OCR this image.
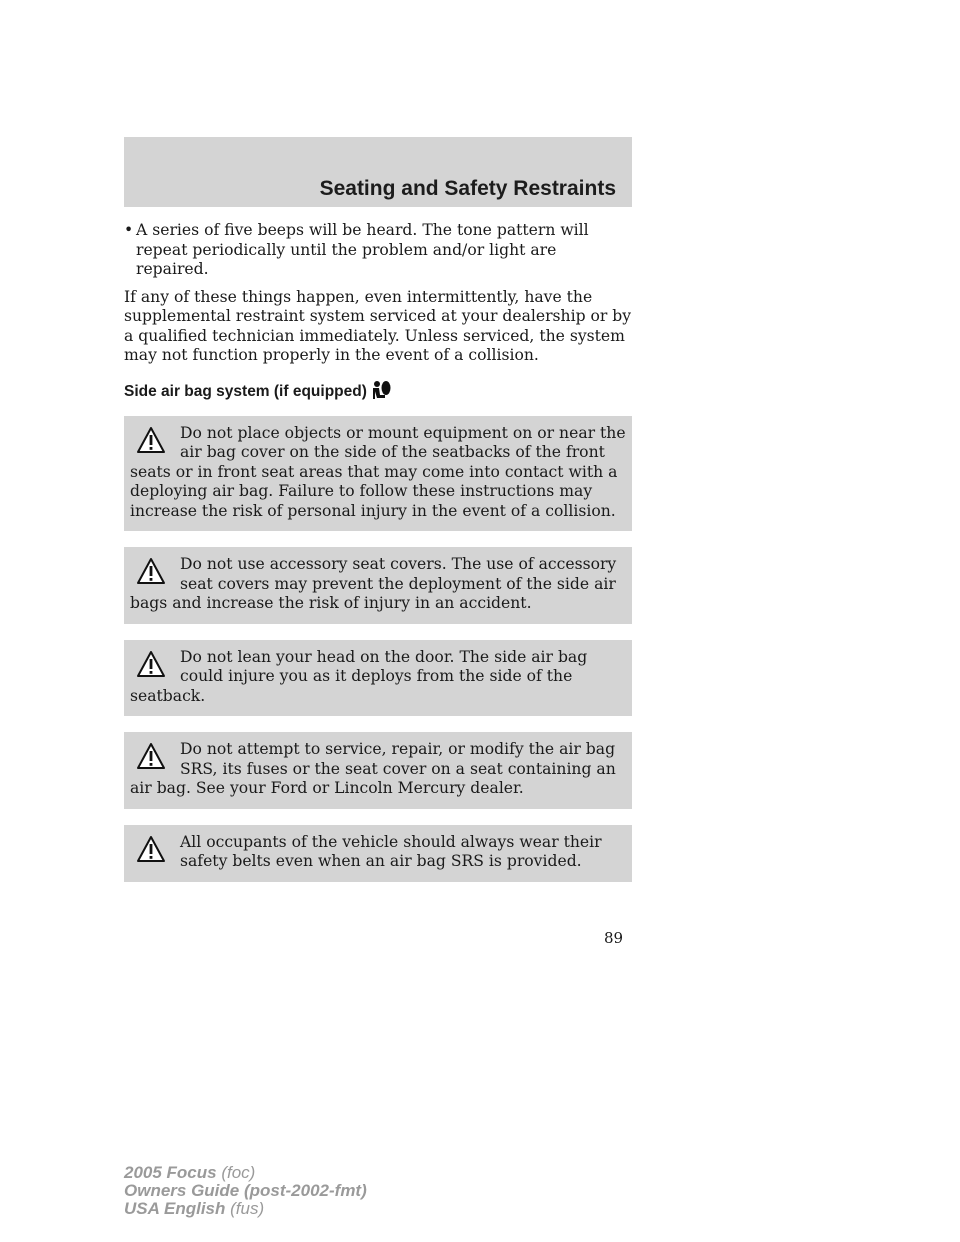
Seating and Safety Restraints
• A series of five beeps will be heard. The tone pattern will repeat periodically until the problem and/or light are repaired.

If any of these things happen, even intermittently, have the supplemental restraint system serviced at your dealership or by a qualified technician immediately. Unless serviced, the system may not function properly in the event of a collision.

Side air bag system (if equipped)

Do not place objects or mount equipment on or near the air bag cover on the side of the seatbacks of the front seats or in front seat areas that may come into contact with a deploying air bag. Failure to follow these instructions may increase the risk of personal injury in the event of a collision.

Do not use accessory seat covers. The use of accessory seat covers may prevent the deployment of the side air bags and increase the risk of injury in an accident.

Do not lean your head on the door. The side air bag could injure you as it deploys from the side of the seatback.

Do not attempt to service, repair, or modify the air bag SRS, its fuses or the seat cover on a seat containing an air bag. See your Ford or Lincoln Mercury dealer.

All occupants of the vehicle should always wear their safety belts even when an air bag SRS is provided.

89
2005 Focus (foc)
Owners Guide (post-2002-fmt)
USA English (fus)
